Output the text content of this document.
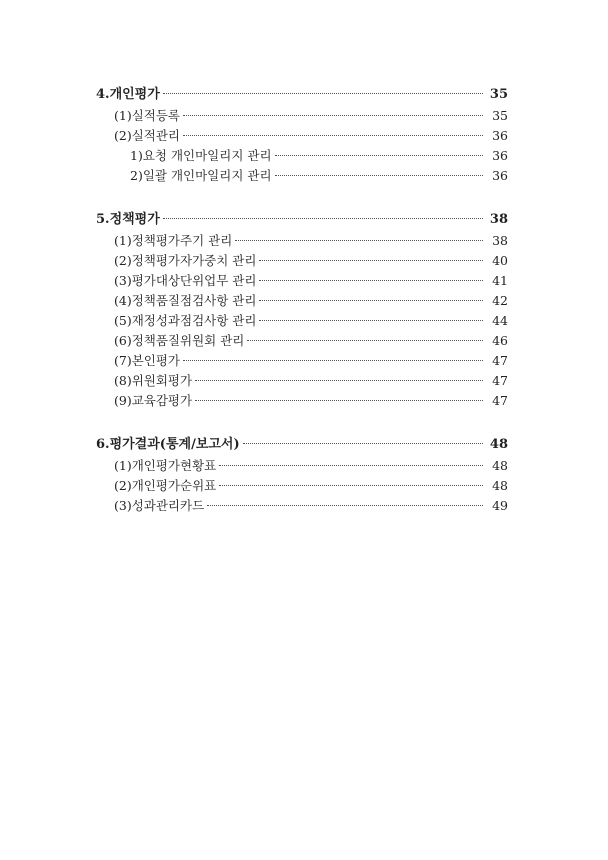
4.개인평가	35
(1)실적등록	35
(2)실적관리	36
1)요청 개인마일리지 관리	36
2)일괄 개인마일리지 관리	36
5.정책평가	38
(1)정책평가주기 관리	38
(2)정책평가자가중치 관리	40
(3)평가대상단위업무 관리	41
(4)정책품질점검사항 관리	42
(5)재정성과점검사항 관리	44
(6)정책품질위원회 관리	46
(7)본인평가	47
(8)위원회평가	47
(9)교육감평가	47
6.평가결과(통계/보고서)	48
(1)개인평가현황표	48
(2)개인평가순위표	48
(3)성과관리카드	49
